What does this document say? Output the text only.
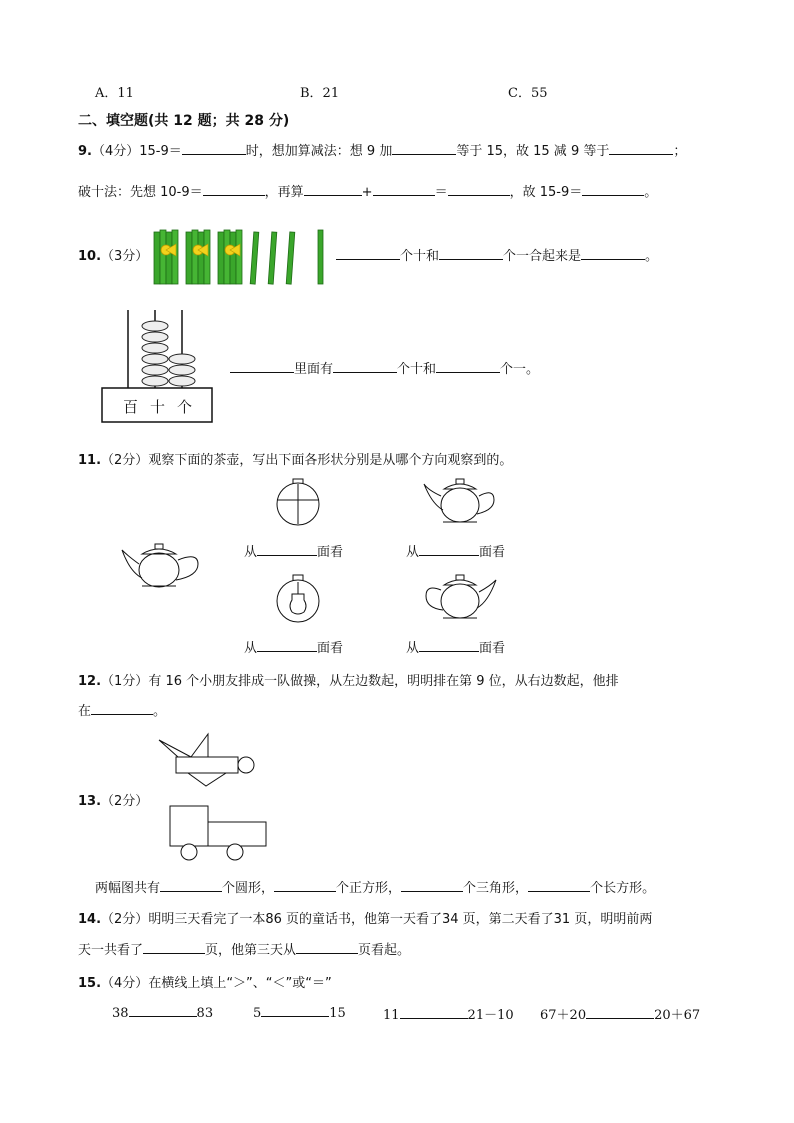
A．11	B．21	C．55
二、填空题(共 12 题；共 28 分)
9.（4分）15-9＝	时，想加算减法：想 9 加	等于 15，故 15 减 9 等于	；
破十法：先想 10-9＝	，再算	+	＝	，故 15-9＝	。
10.（3分）	个十和	个一合起来是	。
百 十 个
里面有	个十和	个一。
11.（2分）观察下面的茶壶，写出下面各形状分别是从哪个方向观察到的。
从	面看	从	面看
从	面看	从	面看
12.（1分）有 16 个小朋友排成一队做操，从左边数起，明明排在第 9 位，从右边数起，他排
在	。
13.（2分）
两幅图共有	个圆形，	个正方形，	个三角形，	个长方形。
14.（2分）明明三天看完了一本86 页的童话书，他第一天看了34 页，第二天看了31 页，明明前两
天一共看了	页，他第三天从	页看起。
15.（4分）在横线上填上“＞”、“＜”或“＝”
38	83	5	15	11	21－10 67＋20	20＋67
